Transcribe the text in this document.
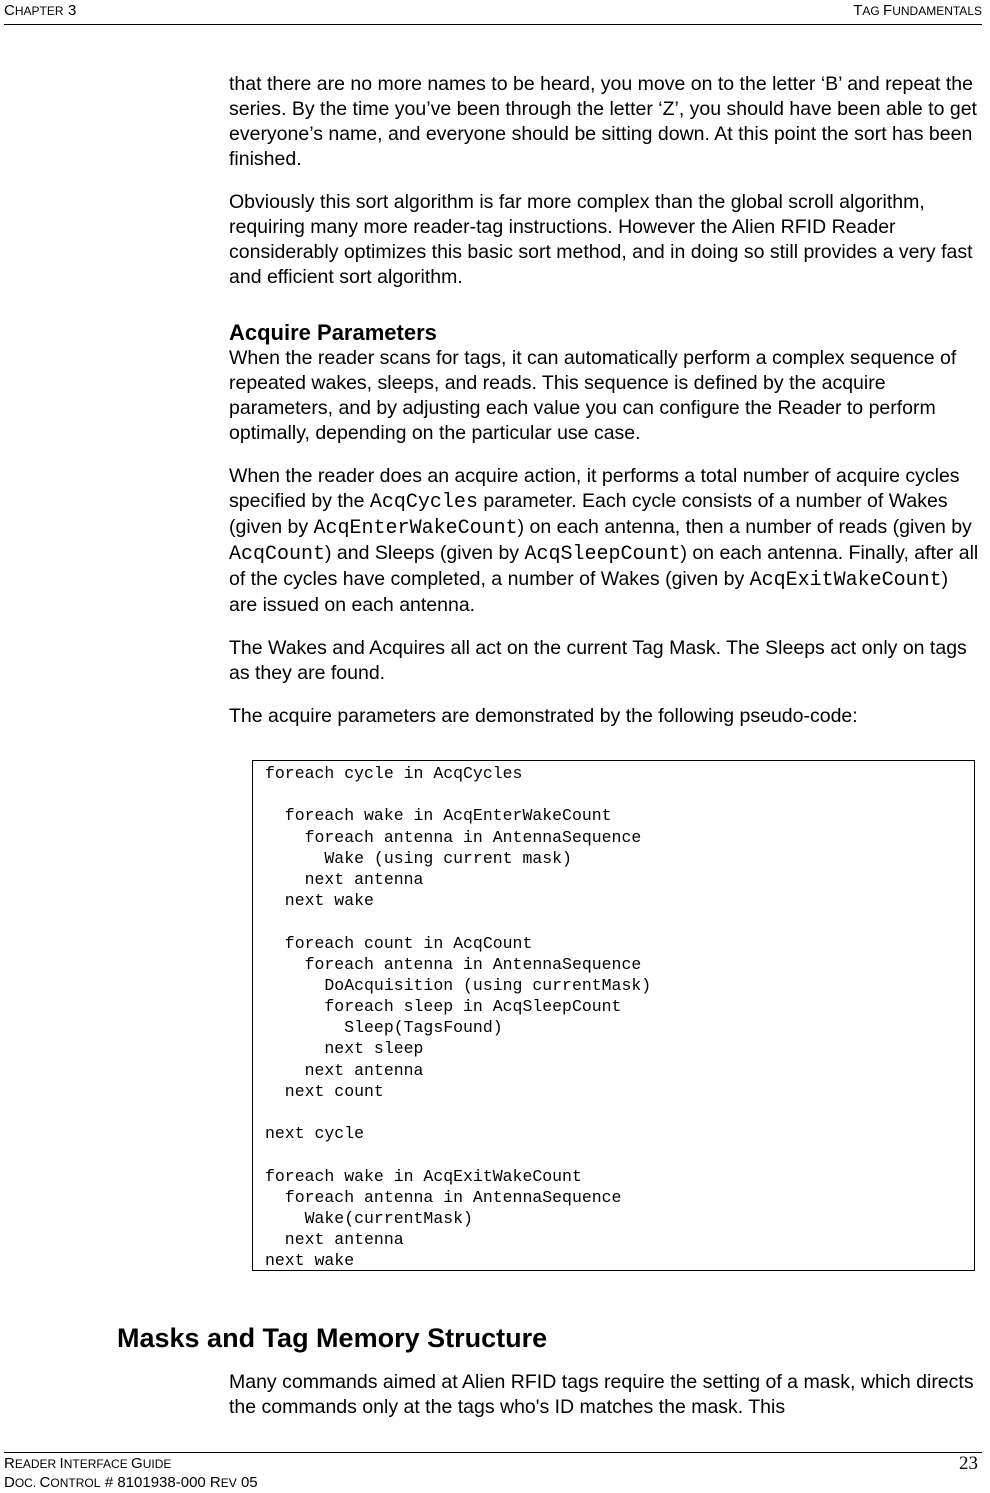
CHAPTER 3	TAG FUNDAMENTALS

that there are no more names to be heard, you move on to the letter ‘B’ and repeat the series. By the time you’ve been through the letter ‘Z’, you should have been able to get everyone’s name, and everyone should be sitting down. At this point the sort has been finished.

Obviously this sort algorithm is far more complex than the global scroll algorithm, requiring many more reader-tag instructions. However the Alien RFID Reader considerably optimizes this basic sort method, and in doing so still provides a very fast and efficient sort algorithm.

Acquire Parameters

When the reader scans for tags, it can automatically perform a complex sequence of repeated wakes, sleeps, and reads. This sequence is defined by the acquire parameters, and by adjusting each value you can configure the Reader to perform optimally, depending on the particular use case.

When the reader does an acquire action, it performs a total number of acquire cycles specified by the AcqCycles parameter. Each cycle consists of a number of Wakes (given by AcqEnterWakeCount) on each antenna, then a number of reads (given by AcqCount) and Sleeps (given by AcqSleepCount) on each antenna. Finally, after all of the cycles have completed, a number of Wakes (given by AcqExitWakeCount) are issued on each antenna.

The Wakes and Acquires all act on the current Tag Mask. The Sleeps act only on tags as they are found.

The acquire parameters are demonstrated by the following pseudo-code:

foreach cycle in AcqCycles
foreach wake in AcqEnterWakeCount
foreach antenna in AntennaSequence
Wake (using current mask)
next antenna
next wake
foreach count in AcqCount
foreach antenna in AntennaSequence
DoAcquisition (using currentMask)
foreach sleep in AcqSleepCount
Sleep(TagsFound)
next sleep
next antenna
next count
next cycle
foreach wake in AcqExitWakeCount
foreach antenna in AntennaSequence
Wake(currentMask)
next antenna
next wake
Masks and Tag Memory Structure

Many commands aimed at Alien RFID tags require the setting of a mask, which directs the commands only at the tags who's ID matches the mask. This

READER INTERFACE GUIDE
DOC. CONTROL # 8101938-000 REV 05
23
